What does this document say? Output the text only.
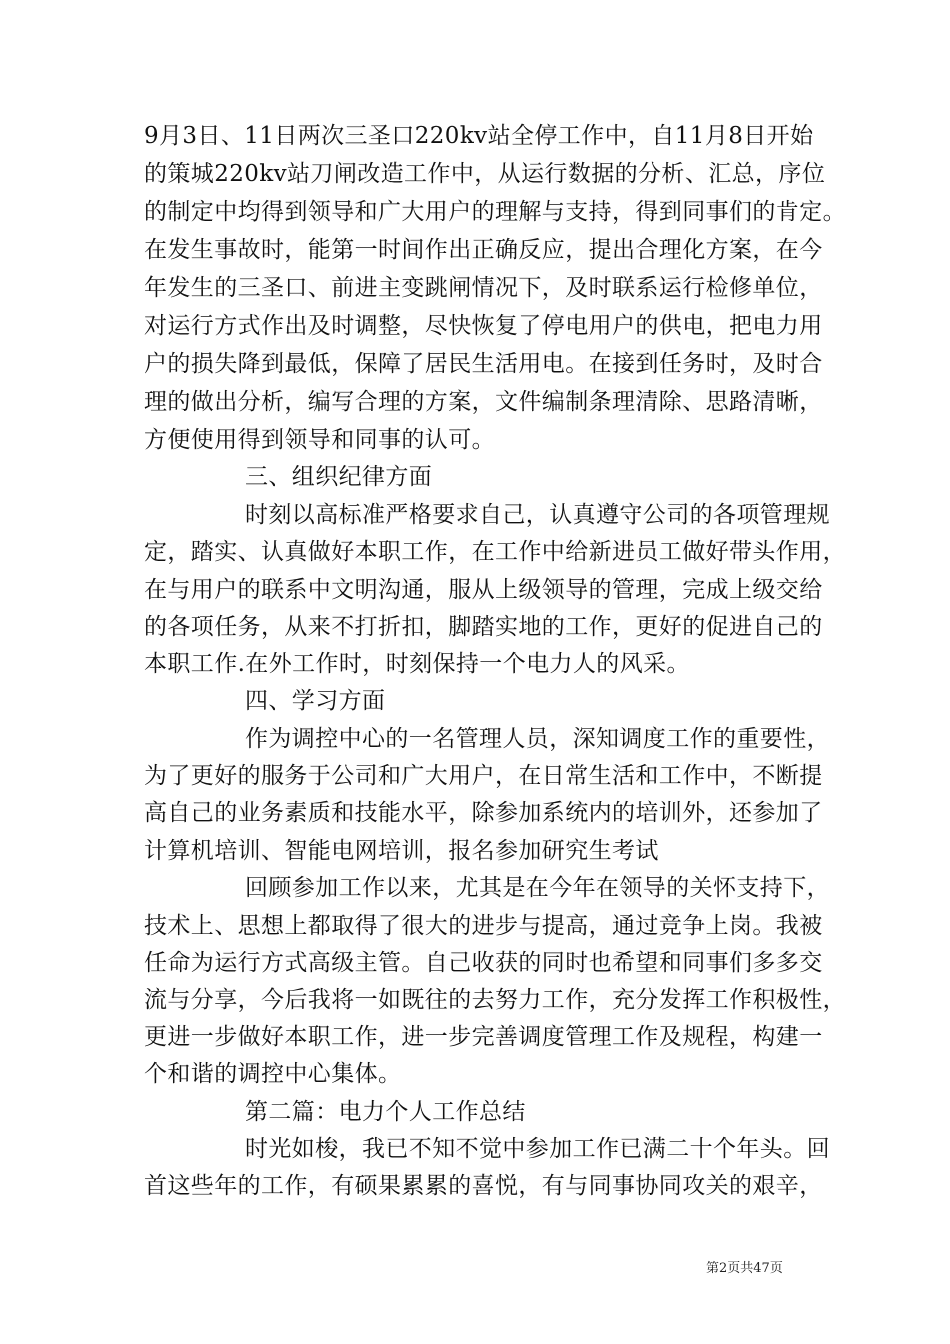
9月3日、11日两次三圣口220kv站全停工作中，自11月8日开始
的策城220kv站刀闸改造工作中，从运行数据的分析、汇总，序位
的制定中均得到领导和广大用户的理解与支持，得到同事们的肯定。
在发生事故时，能第一时间作出正确反应，提出合理化方案，在今
年发生的三圣口、前进主变跳闸情况下，及时联系运行检修单位，
对运行方式作出及时调整，尽快恢复了停电用户的供电，把电力用
户的损失降到最低，保障了居民生活用电。在接到任务时，及时合
理的做出分析，编写合理的方案，文件编制条理清除、思路清晰，
方便使用得到领导和同事的认可。
三、组织纪律方面
时刻以高标准严格要求自己，认真遵守公司的各项管理规
定，踏实、认真做好本职工作，在工作中给新进员工做好带头作用，
在与用户的联系中文明沟通，服从上级领导的管理，完成上级交给
的各项任务，从来不打折扣，脚踏实地的工作，更好的促进自己的
本职工作.在外工作时，时刻保持一个电力人的风采。
四、学习方面
作为调控中心的一名管理人员，深知调度工作的重要性，
为了更好的服务于公司和广大用户，在日常生活和工作中，不断提
高自己的业务素质和技能水平，除参加系统内的培训外，还参加了
计算机培训、智能电网培训，报名参加研究生考试
回顾参加工作以来，尤其是在今年在领导的关怀支持下，
技术上、思想上都取得了很大的进步与提高，通过竞争上岗。我被
任命为运行方式高级主管。自己收获的同时也希望和同事们多多交
流与分享，今后我将一如既往的去努力工作，充分发挥工作积极性，
更进一步做好本职工作，进一步完善调度管理工作及规程，构建一
个和谐的调控中心集体。
第二篇：电力个人工作总结
时光如梭，我已不知不觉中参加工作已满二十个年头。回
首这些年的工作，有硕果累累的喜悦，有与同事协同攻关的艰辛，
第2页共47页
